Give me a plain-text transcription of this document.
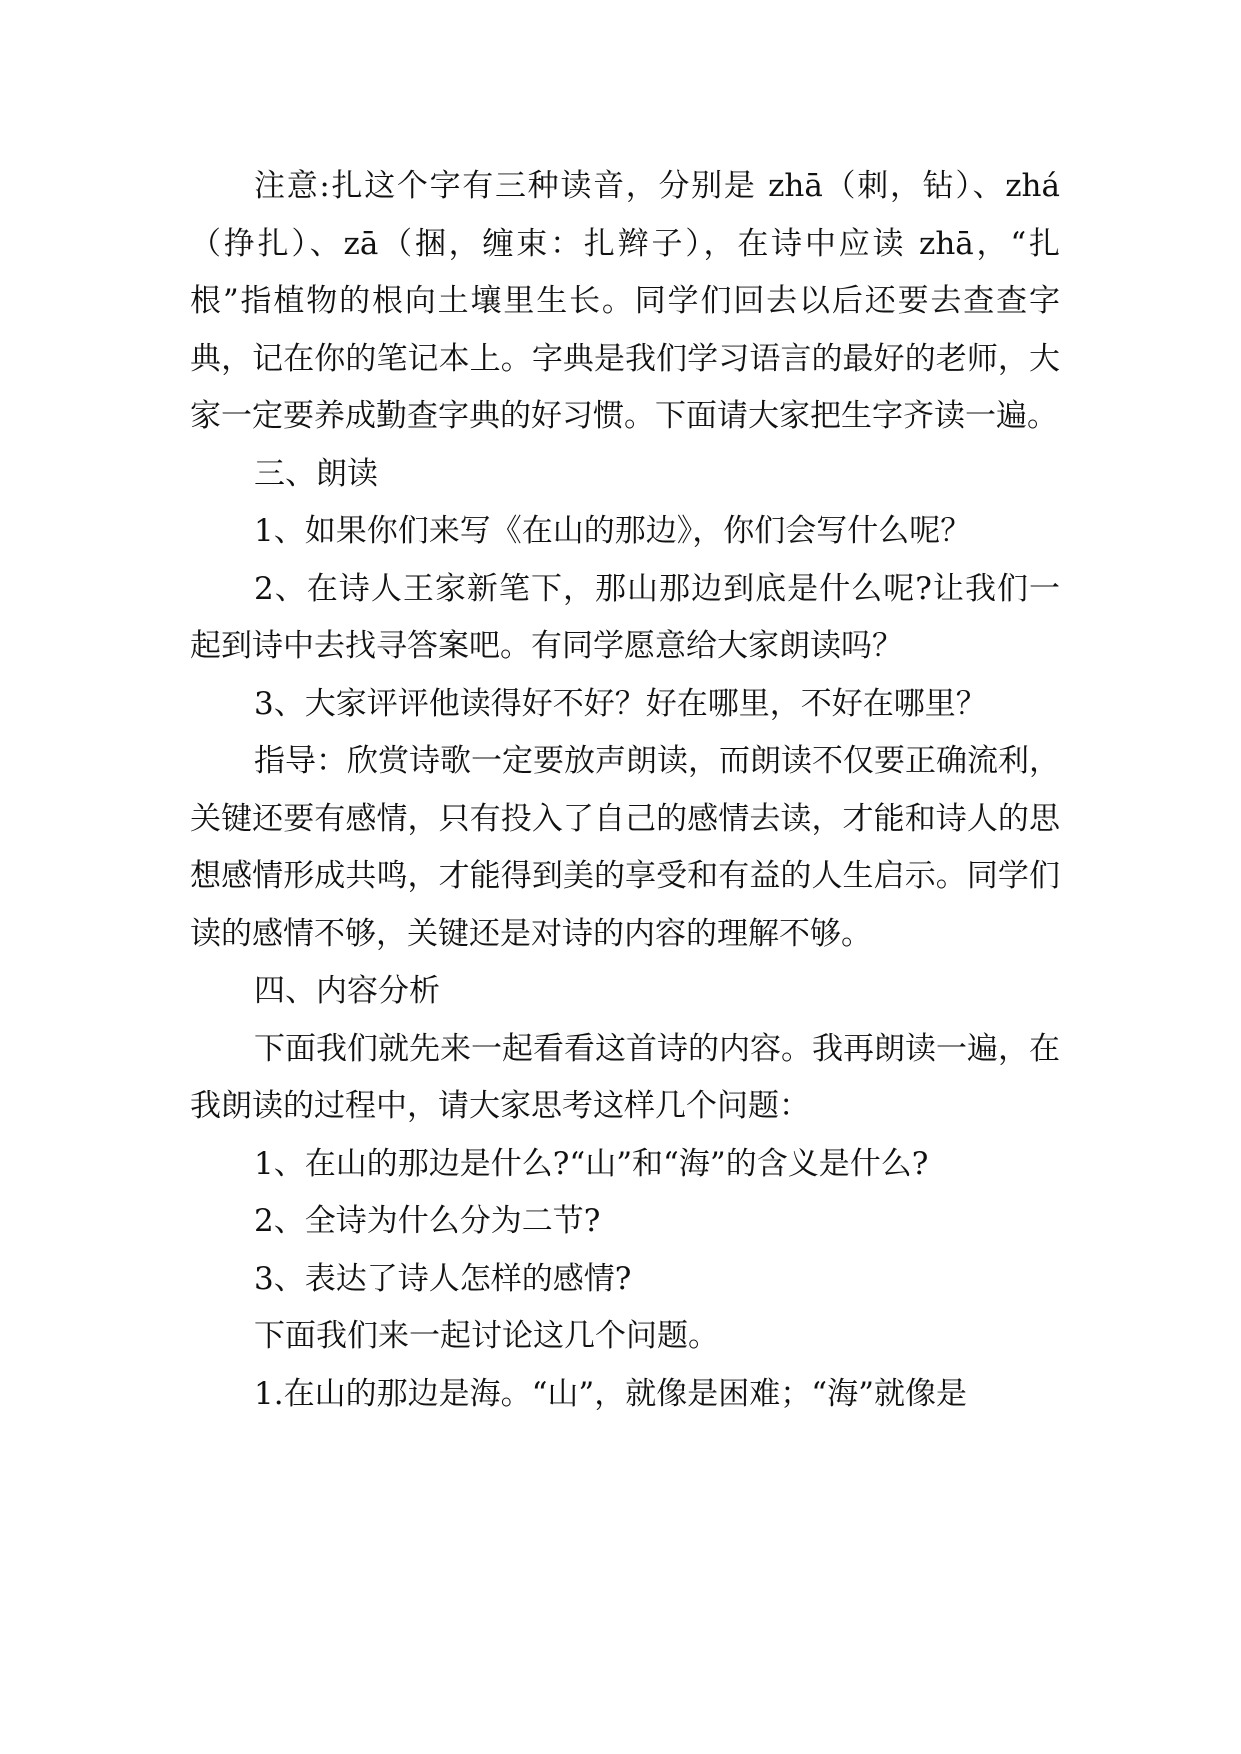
注意:扎这个字有三种读音，分别是 zhā（刺，钻）、zhá（挣扎）、zā（捆，缠束：扎辫子），在诗中应读 zhā，“扎根”指植物的根向土壤里生长。同学们回去以后还要去查查字典，记在你的笔记本上。字典是我们学习语言的最好的老师，大家一定要养成勤查字典的好习惯。下面请大家把生字齐读一遍。

三、朗读

1、如果你们来写《在山的那边》，你们会写什么呢？

2、在诗人王家新笔下，那山那边到底是什么呢?让我们一起到诗中去找寻答案吧。有同学愿意给大家朗读吗？

3、大家评评他读得好不好？好在哪里，不好在哪里？

指导：欣赏诗歌一定要放声朗读，而朗读不仅要正确流利，关键还要有感情，只有投入了自己的感情去读，才能和诗人的思想感情形成共鸣，才能得到美的享受和有益的人生启示。同学们读的感情不够，关键还是对诗的内容的理解不够。

四、内容分析

下面我们就先来一起看看这首诗的内容。我再朗读一遍，在我朗读的过程中，请大家思考这样几个问题：

1、在山的那边是什么?“山”和“海”的含义是什么?

2、全诗为什么分为二节?

3、表达了诗人怎样的感情?

下面我们来一起讨论这几个问题。

1.在山的那边是海。“山”，就像是困难；“海”就像是
